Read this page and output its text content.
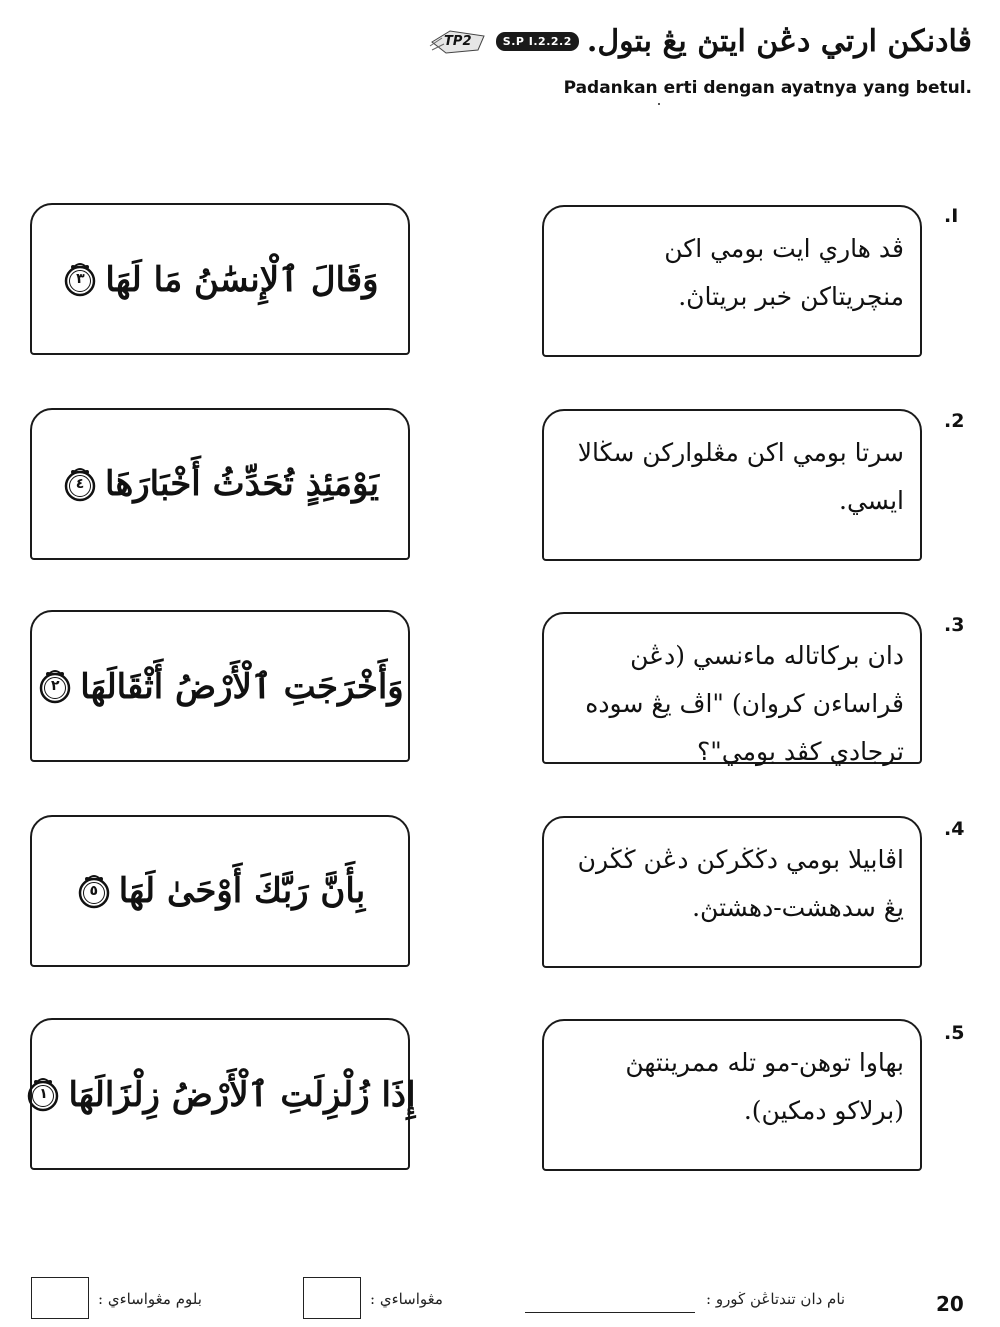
TP2	S.P I.2.2.2 ڤادنكن ارتي دڠن ايتڽ يڠ بتول.
Padankan erti dengan ayatnya yang betul.
وَقَالَ ٱلْإِنسَٰنُ مَا لَهَا
٣
ڤد هاري ايت بومي اكن منچريتاكن خبر بريتاڽ.
.I
يَوْمَئِذٍ تُحَدِّثُ أَخْبَارَهَا
٤
سرتا بومي اكن مڠلواركن سڬالا ايسي.
.2
وَأَخْرَجَتِ ٱلْأَرْضُ أَثْقَالَهَا
٢
دان بركاتاله ماءنسي (دڠن ڤراساءن كروان) "اڤ يڠ سوده ترجادي كڤد بومي"؟
.3
بِأَنَّ رَبَّكَ أَوْحَىٰ لَهَا
٥
اڤابيلا بومي دڬڬركن دڠن ڬڬرن يڠ سدهشت-دهشتڽ.
.4
إِذَا زُلْزِلَتِ ٱلْأَرْضُ زِلْزَالَهَا
١
بهاوا توهن-مو تله ممرينتهڽ (برلاكو دمكين).
.5
بلوم مڠواساءي :	مڠواساءي :	نام دان تندتاڠن ڬورو :	20
